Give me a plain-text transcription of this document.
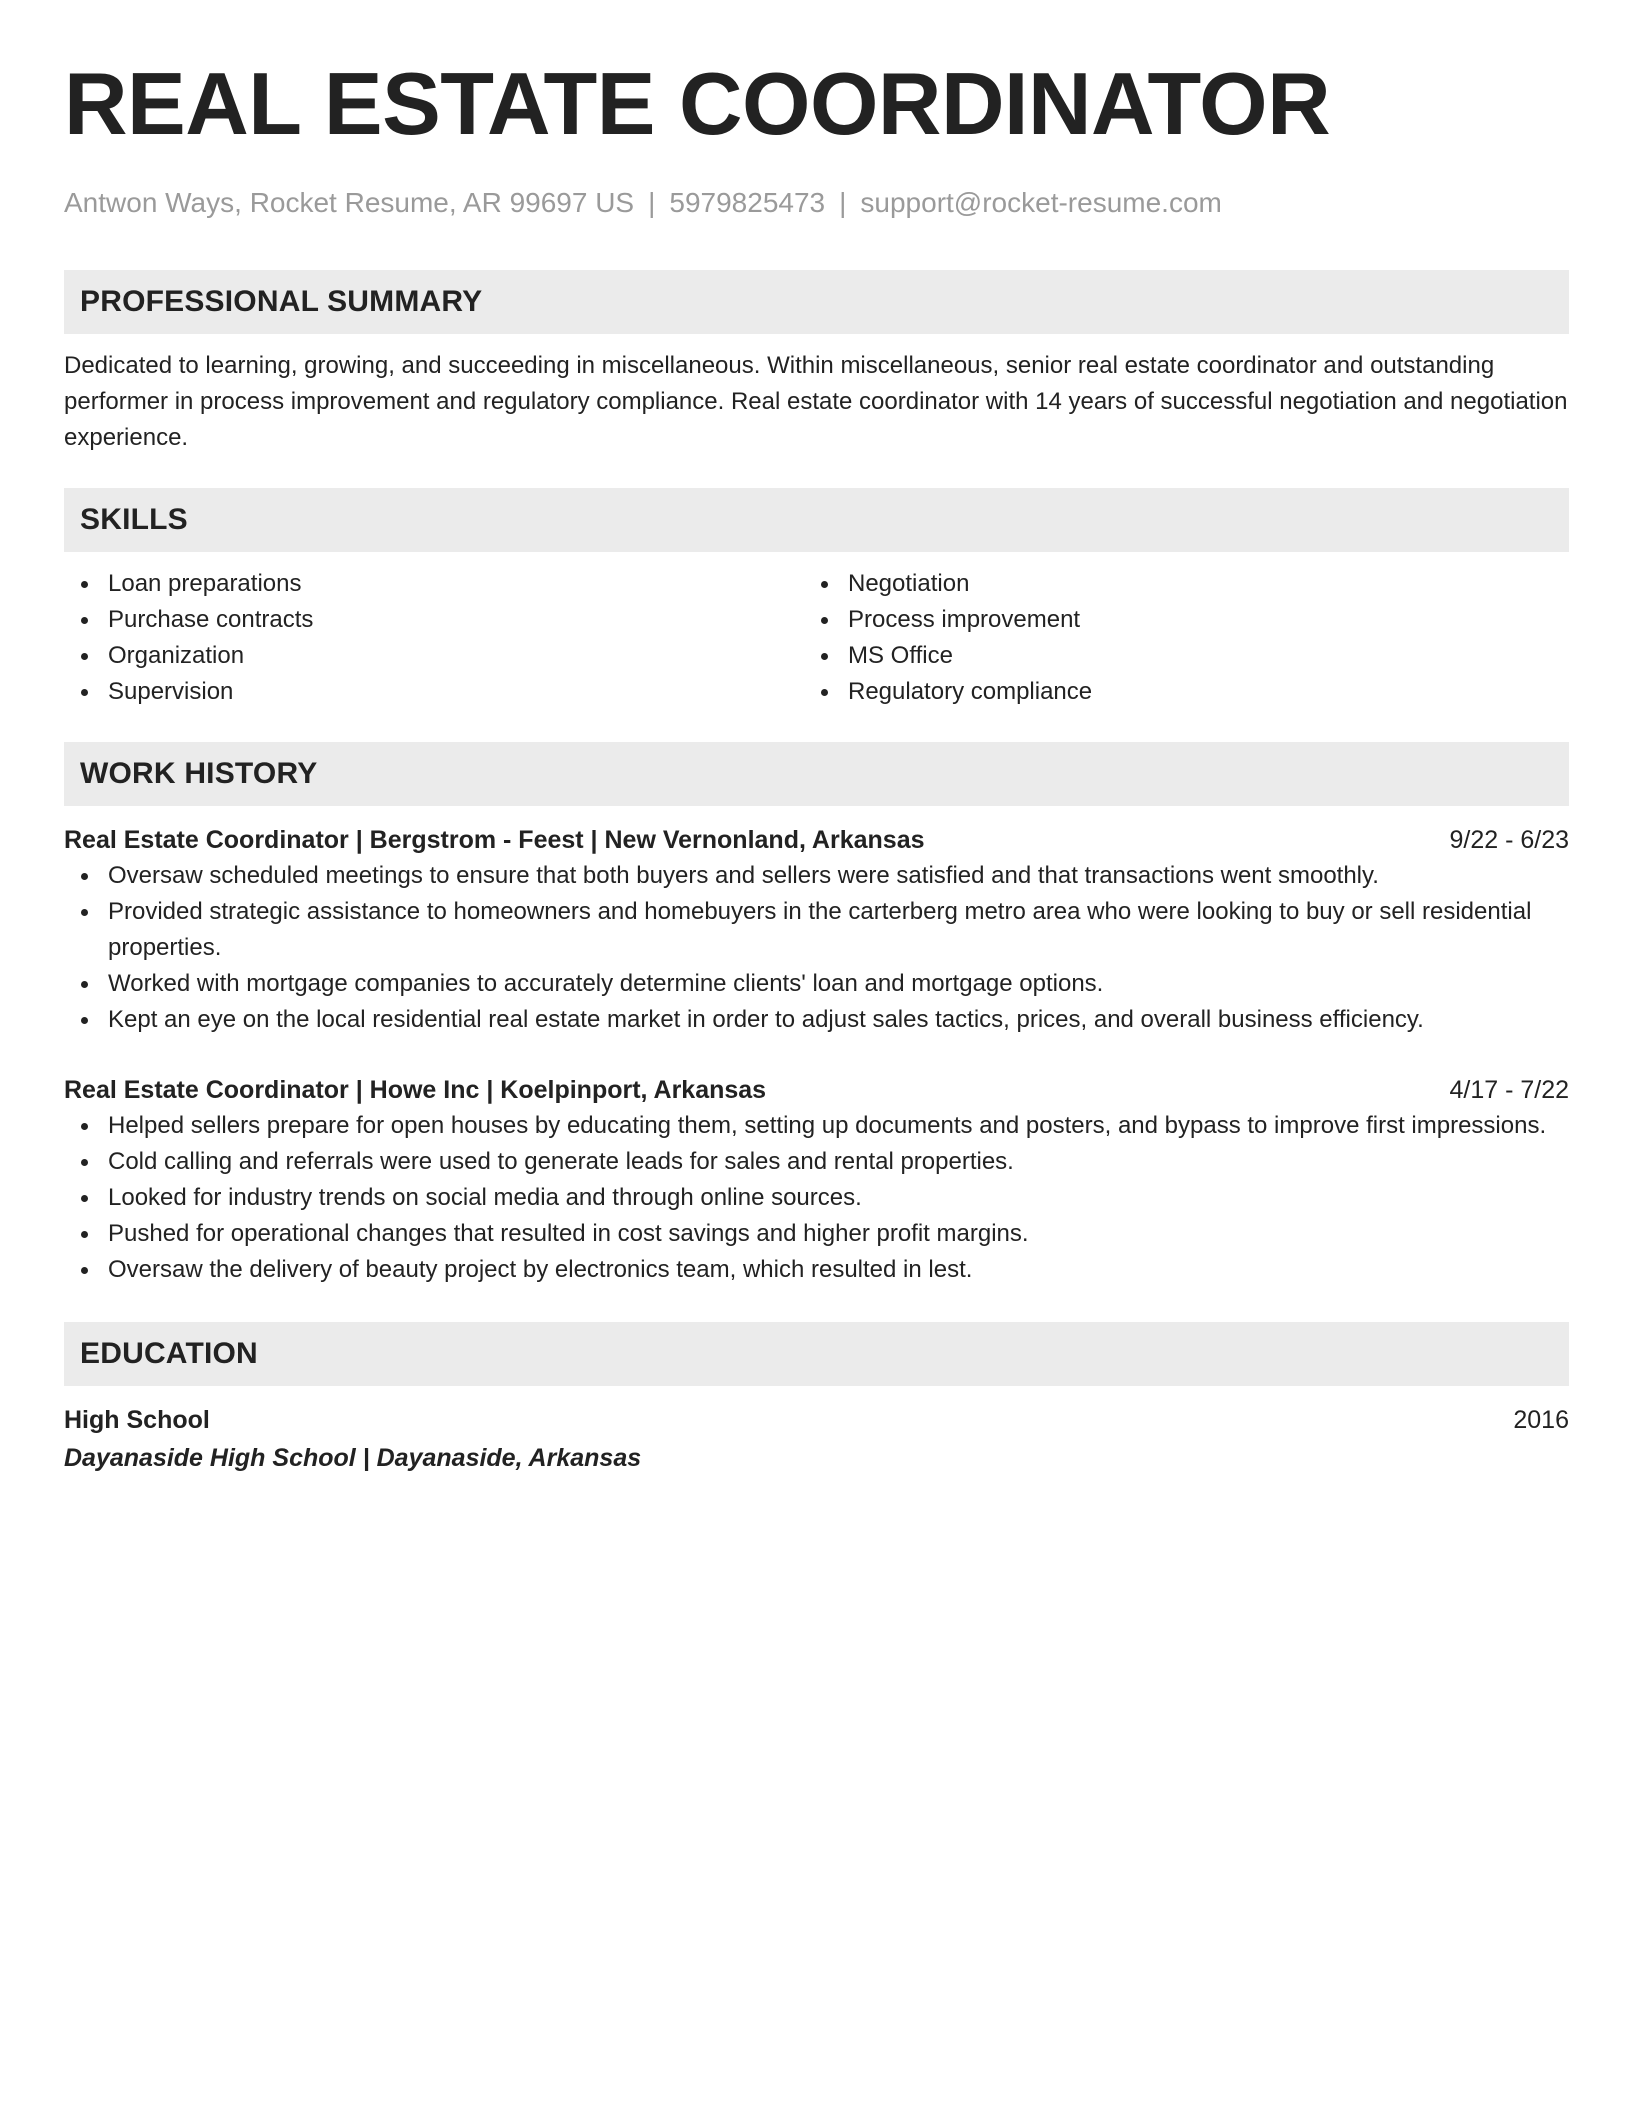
REAL ESTATE COORDINATOR
Antwon Ways, Rocket Resume, AR 99697 US | 5979825473 | support@rocket-resume.com
PROFESSIONAL SUMMARY

Dedicated to learning, growing, and succeeding in miscellaneous. Within miscellaneous, senior real estate coordinator and outstanding performer in process improvement and regulatory compliance. Real estate coordinator with 14 years of successful negotiation and negotiation experience.

SKILLS
Loan preparations
Purchase contracts
Organization
Supervision
Negotiation
Process improvement
MS Office
Regulatory compliance
WORK HISTORY
Real Estate Coordinator | Bergstrom - Feest | New Vernonland, Arkansas	9/22 - 6/23
Oversaw scheduled meetings to ensure that both buyers and sellers were satisfied and that transactions went smoothly.
Provided strategic assistance to homeowners and homebuyers in the carterberg metro area who were looking to buy or sell residential properties.
Worked with mortgage companies to accurately determine clients' loan and mortgage options.
Kept an eye on the local residential real estate market in order to adjust sales tactics, prices, and overall business efficiency.
Real Estate Coordinator | Howe Inc | Koelpinport, Arkansas	4/17 - 7/22
Helped sellers prepare for open houses by educating them, setting up documents and posters, and bypass to improve first impressions.
Cold calling and referrals were used to generate leads for sales and rental properties.
Looked for industry trends on social media and through online sources.
Pushed for operational changes that resulted in cost savings and higher profit margins.
Oversaw the delivery of beauty project by electronics team, which resulted in lest.
EDUCATION
High School	2016
Dayanaside High School | Dayanaside, Arkansas
